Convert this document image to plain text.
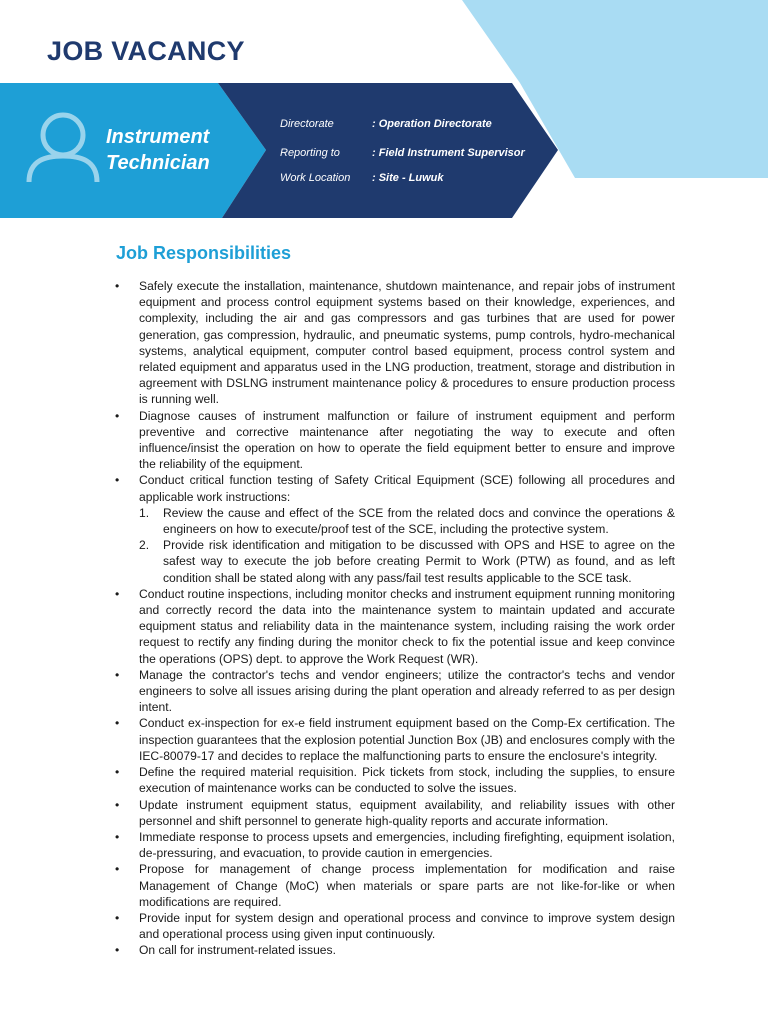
JOB VACANCY
Instrument
Technician
Directorate	: Operation Directorate
Reporting to	: Field Instrument Supervisor
Work Location : Site - Luwuk
Job Responsibilities
• Safely execute the installation, maintenance, shutdown maintenance, and repair jobs of instrument equipment and process control equipment systems based on their knowledge, experiences, and complexity, including the air and gas compressors and gas turbines that are used for power generation, gas compression, hydraulic, and pneumatic systems, pump controls, hydro-mechanical systems, analytical equipment, computer control based equipment, process control system and related equipment and apparatus used in the LNG production, treatment, storage and distribution in agreement with DSLNG instrument maintenance policy & procedures to ensure production process is running well.
• Diagnose causes of instrument malfunction or failure of instrument equipment and perform preventive and corrective maintenance after negotiating the way to execute and often influence/insist the operation on how to operate the field equipment better to ensure and improve the reliability of the equipment.
• Conduct critical function testing of Safety Critical Equipment (SCE) following all procedures and applicable work instructions:
1. Review the cause and effect of the SCE from the related docs and convince the operations & engineers on how to execute/proof test of the SCE, including the protective system.
2. Provide risk identification and mitigation to be discussed with OPS and HSE to agree on the safest way to execute the job before creating Permit to Work (PTW) as found, and as left condition shall be stated along with any pass/fail test results applicable to the SCE task.
• Conduct routine inspections, including monitor checks and instrument equipment running monitoring and correctly record the data into the maintenance system to maintain updated and accurate equipment status and reliability data in the maintenance system, including raising the work order request to rectify any finding during the monitor check to fix the potential issue and keep convince the operations (OPS) dept. to approve the Work Request (WR).
• Manage the contractor's techs and vendor engineers; utilize the contractor's techs and vendor engineers to solve all issues arising during the plant operation and already referred to as per design intent.
• Conduct ex-inspection for ex-e field instrument equipment based on the Comp-Ex certification. The inspection guarantees that the explosion potential Junction Box (JB) and enclosures comply with the IEC-80079-17 and decides to replace the malfunctioning parts to ensure the enclosure's integrity.
• Define the required material requisition. Pick tickets from stock, including the supplies, to ensure execution of maintenance works can be conducted to solve the issues.
• Update instrument equipment status, equipment availability, and reliability issues with other personnel and shift personnel to generate high-quality reports and accurate information.
• Immediate response to process upsets and emergencies, including firefighting, equipment isolation, de-pressuring, and evacuation, to provide caution in emergencies.
• Propose for management of change process implementation for modification and raise Management of Change (MoC) when materials or spare parts are not like-for-like or when modifications are required.
• Provide input for system design and operational process and convince to improve system design and operational process using given input continuously.
• On call for instrument-related issues.
